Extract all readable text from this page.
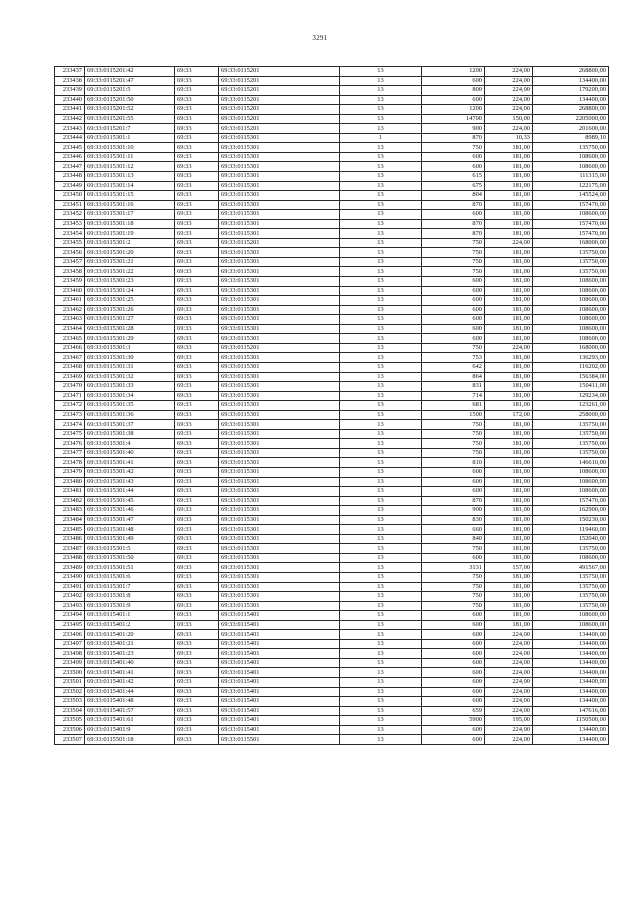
3291
233437	69:33:0115201:42	69:33	69:33:0115201	13	1200	224,00	268800,00
233438	69:33:0115201:47	69:33	69:33:0115201	13	600	224,00	134400,00
233439	69:33:0115201:5	69:33	69:33:0115201	13	800	224,00	179200,00
233440	69:33:0115201:50	69:33	69:33:0115201	13	600	224,00	134400,00
233441	69:33:0115201:52	69:33	69:33:0115201	13	1200	224,00	268800,00
233442	69:33:0115201:55	69:33	69:33:0115201	13	14700	150,00	2205000,00
233443	69:33:0115201:7	69:33	69:33:0115201	13	900	224,00	201600,00
233444	69:33:0115301:1	69:33	69:33:0115301	1	870	10,33	8989,10
233445	69:33:0115301:10	69:33	69:33:0115301	13	750	181,00	135750,00
233446	69:33:0115301:11	69:33	69:33:0115301	13	600	181,00	108600,00
233447	69:33:0115301:12	69:33	69:33:0115301	13	600	181,00	108600,00
233448	69:33:0115301:13	69:33	69:33:0115301	13	615	181,00	111315,00
233449	69:33:0115301:14	69:33	69:33:0115301	13	675	181,00	122175,00
233450	69:33:0115301:15	69:33	69:33:0115301	13	804	181,00	145524,00
233451	69:33:0115301:16	69:33	69:33:0115301	13	870	181,00	157470,00
233452	69:33:0115301:17	69:33	69:33:0115301	13	600	181,00	108600,00
233453	69:33:0115301:18	69:33	69:33:0115301	13	870	181,00	157470,00
233454	69:33:0115301:19	69:33	69:33:0115301	13	870	181,00	157470,00
233455	69:33:0115301:2	69:33	69:33:0115201	13	750	224,00	168000,00
233456	69:33:0115301:20	69:33	69:33:0115301	13	750	181,00	135750,00
233457	69:33:0115301:21	69:33	69:33:0115301	13	750	181,00	135750,00
233458	69:33:0115301:22	69:33	69:33:0115301	13	750	181,00	135750,00
233459	69:33:0115301:23	69:33	69:33:0115301	13	600	181,00	108600,00
233460	69:33:0115301:24	69:33	69:33:0115301	13	600	181,00	108600,00
233461	69:33:0115301:25	69:33	69:33:0115301	13	600	181,00	108600,00
233462	69:33:0115301:26	69:33	69:33:0115301	13	600	181,00	108600,00
233463	69:33:0115301:27	69:33	69:33:0115301	13	600	181,00	108600,00
233464	69:33:0115301:28	69:33	69:33:0115301	13	600	181,00	108600,00
233465	69:33:0115301:29	69:33	69:33:0115301	13	600	181,00	108600,00
233466	69:33:0115301:3	69:33	69:33:0115201	13	750	224,00	168000,00
233467	69:33:0115301:30	69:33	69:33:0115301	13	753	181,00	136293,00
233468	69:33:0115301:31	69:33	69:33:0115301	13	642	181,00	116202,00
233469	69:33:0115301:32	69:33	69:33:0115301	13	864	181,00	156384,00
233470	69:33:0115301:33	69:33	69:33:0115301	13	831	181,00	150411,00
233471	69:33:0115301:34	69:33	69:33:0115301	13	714	181,00	129234,00
233472	69:33:0115301:35	69:33	69:33:0115301	13	681	181,00	123261,00
233473	69:33:0115301:36	69:33	69:33:0115301	13	1500	172,00	258000,00
233474	69:33:0115301:37	69:33	69:33:0115301	13	750	181,00	135750,00
233475	69:33:0115301:38	69:33	69:33:0115301	13	750	181,00	135750,00
233476	69:33:0115301:4	69:33	69:33:0115301	13	750	181,00	135750,00
233477	69:33:0115301:40	69:33	69:33:0115301	13	750	181,00	135750,00
233478	69:33:0115301:41	69:33	69:33:0115301	13	810	181,00	146610,00
233479	69:33:0115301:42	69:33	69:33:0115301	13	600	181,00	108600,00
233480	69:33:0115301:43	69:33	69:33:0115301	13	600	181,00	108600,00
233481	69:33:0115301:44	69:33	69:33:0115301	13	600	181,00	108600,00
233482	69:33:0115301:45	69:33	69:33:0115301	13	870	181,00	157470,00
233483	69:33:0115301:46	69:33	69:33:0115301	13	900	181,00	162900,00
233484	69:33:0115301:47	69:33	69:33:0115301	13	830	181,00	150230,00
233485	69:33:0115301:48	69:33	69:33:0115301	13	660	181,00	119460,00
233486	69:33:0115301:49	69:33	69:33:0115301	13	840	181,00	152040,00
233487	69:33:0115301:5	69:33	69:33:0115301	13	750	181,00	135750,00
233488	69:33:0115301:50	69:33	69:33:0115301	13	600	181,00	108600,00
233489	69:33:0115301:51	69:33	69:33:0115301	13	3131	157,00	491567,00
233490	69:33:0115301:6	69:33	69:33:0115301	13	750	181,00	135750,00
233491	69:33:0115301:7	69:33	69:33:0115301	13	750	181,00	135750,00
233492	69:33:0115301:8	69:33	69:33:0115301	13	750	181,00	135750,00
233493	69:33:0115301:9	69:33	69:33:0115301	13	750	181,00	135750,00
233494	69:33:0115401:1	69:33	69:33:0115401	13	600	181,00	108600,00
233495	69:33:0115401:2	69:33	69:33:0115401	13	600	181,00	108600,00
233496	69:33:0115401:20	69:33	69:33:0115401	13	600	224,00	134400,00
233497	69:33:0115401:21	69:33	69:33:0115401	13	600	224,00	134400,00
233498	69:33:0115401:23	69:33	69:33:0115401	13	600	224,00	134400,00
233499	69:33:0115401:40	69:33	69:33:0115401	13	600	224,00	134400,00
233500	69:33:0115401:41	69:33	69:33:0115401	13	600	224,00	134400,00
233501	69:33:0115401:42	69:33	69:33:0115401	13	600	224,00	134400,00
233502	69:33:0115401:44	69:33	69:33:0115401	13	600	224,00	134400,00
233503	69:33:0115401:48	69:33	69:33:0115401	13	600	224,00	134400,00
233504	69:33:0115401:57	69:33	69:33:0115401	13	659	224,00	147616,00
233505	69:33:0115401:61	69:33	69:33:0115401	13	5900	195,00	1150500,00
233506	69:33:0115401:9	69:33	69:33:0115401	13	600	224,00	134400,00
233507	69:33:0115501:18	69:33	69:33:0115501	13	600	224,00	134400,00
